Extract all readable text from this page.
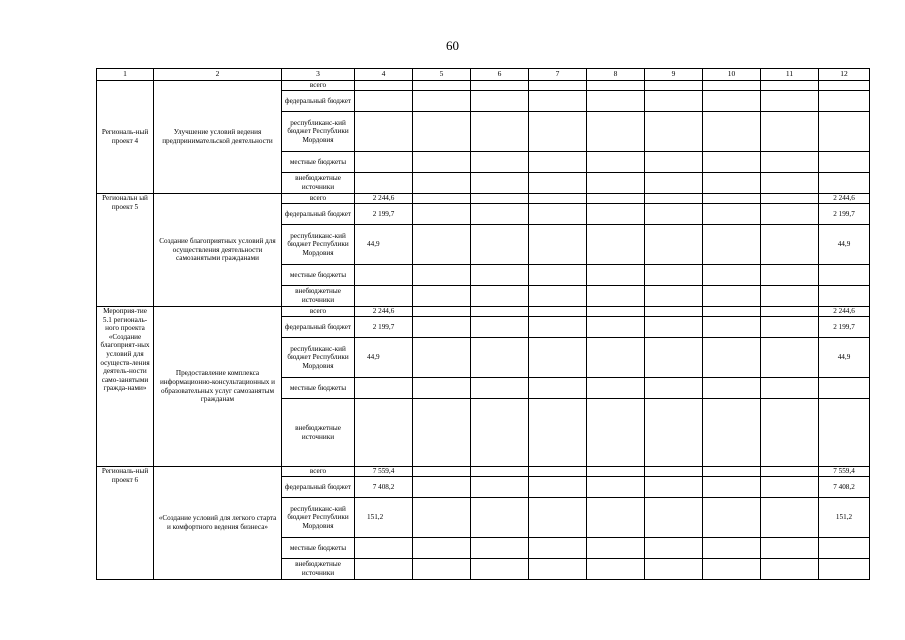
60
1	2	3	4	5	6	7	8	9	10	11	12
Региональ-ный проект 4	Улучшение условий ведения предпринимательской деятельности	всего									
		федеральный бюджет									
		республиканс-кий бюджет Республики Мордовия									
		местные бюджеты									
		внебюджетные источники									
Региональн ый проект 5	Создание благоприятных условий для осуществления деятельности самозанятыми гражданами	всего	2 244,6								2 244,6
		федеральный бюджет	2 199,7								2 199,7
		республиканс-кий бюджет Республики Мордовия	44,9								44,9
		местные бюджеты									
		внебюджетные источники									
Мероприя-тие 5.1 региональ-ного проекта «Создание благоприят-ных условий для осуществ-ления деятель-ности само-занятыми гражда-нами»	Предоставление комплекса информационно-консультационных и образовательных услуг самозанятым гражданам	всего	2 244,6								2 244,6
		федеральный бюджет	2 199,7								2 199,7
		республиканс-кий бюджет Республики Мордовия	44,9								44,9
		местные бюджеты									
		внебюджетные источники									
Региональ-ный проект 6	«Создание условий для легкого старта и комфортного ведения бизнеса»	всего	7 559,4								7 559,4
		федеральный бюджет	7 408,2								7 408,2
		республиканс-кий бюджет Республики Мордовия	151,2								151,2
		местные бюджеты									
		внебюджетные источники									
